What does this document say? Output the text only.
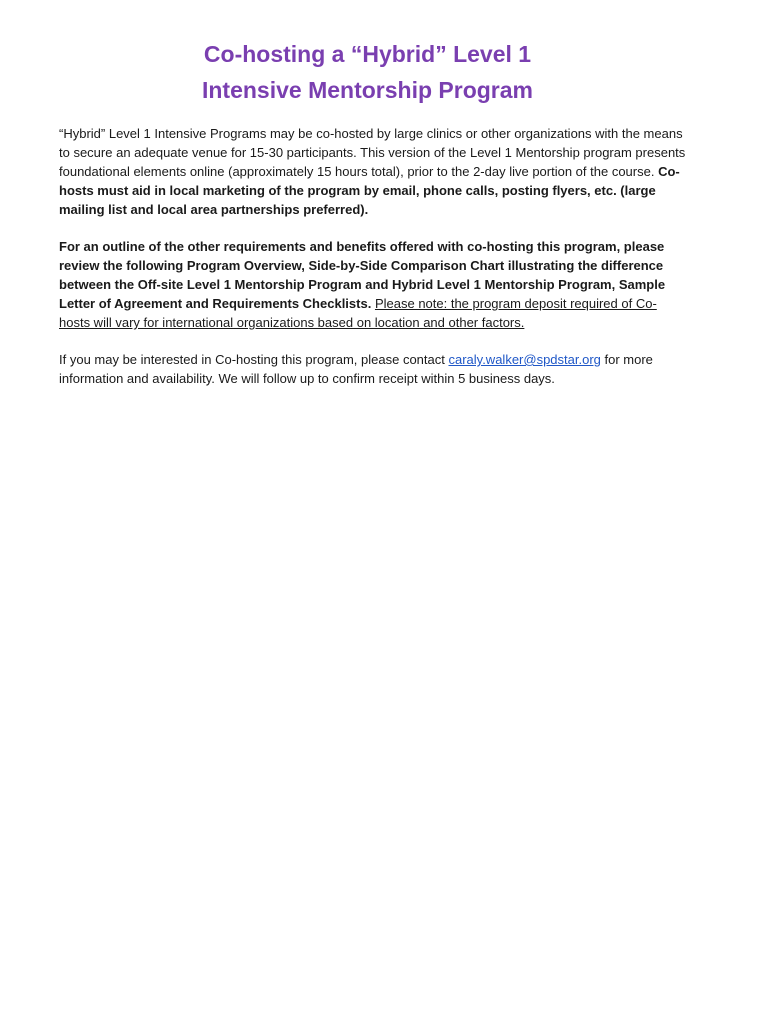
Co-hosting a “Hybrid” Level 1
Intensive Mentorship Program

“Hybrid” Level 1 Intensive Programs may be co-hosted by large clinics or other organizations with the means to secure an adequate venue for 15-30 participants. This version of the Level 1 Mentorship program presents foundational elements online (approximately 15 hours total), prior to the 2-day live portion of the course. Co-hosts must aid in local marketing of the program by email, phone calls, posting flyers, etc. (large mailing list and local area partnerships preferred).

For an outline of the other requirements and benefits offered with co-hosting this program, please review the following Program Overview, Side-by-Side Comparison Chart illustrating the difference between the Off-site Level 1 Mentorship Program and Hybrid Level 1 Mentorship Program, Sample Letter of Agreement and Requirements Checklists. Please note: the program deposit required of Co-hosts will vary for international organizations based on location and other factors.

If you may be interested in Co-hosting this program, please contact caraly.walker@spdstar.org for more information and availability. We will follow up to confirm receipt within 5 business days.
